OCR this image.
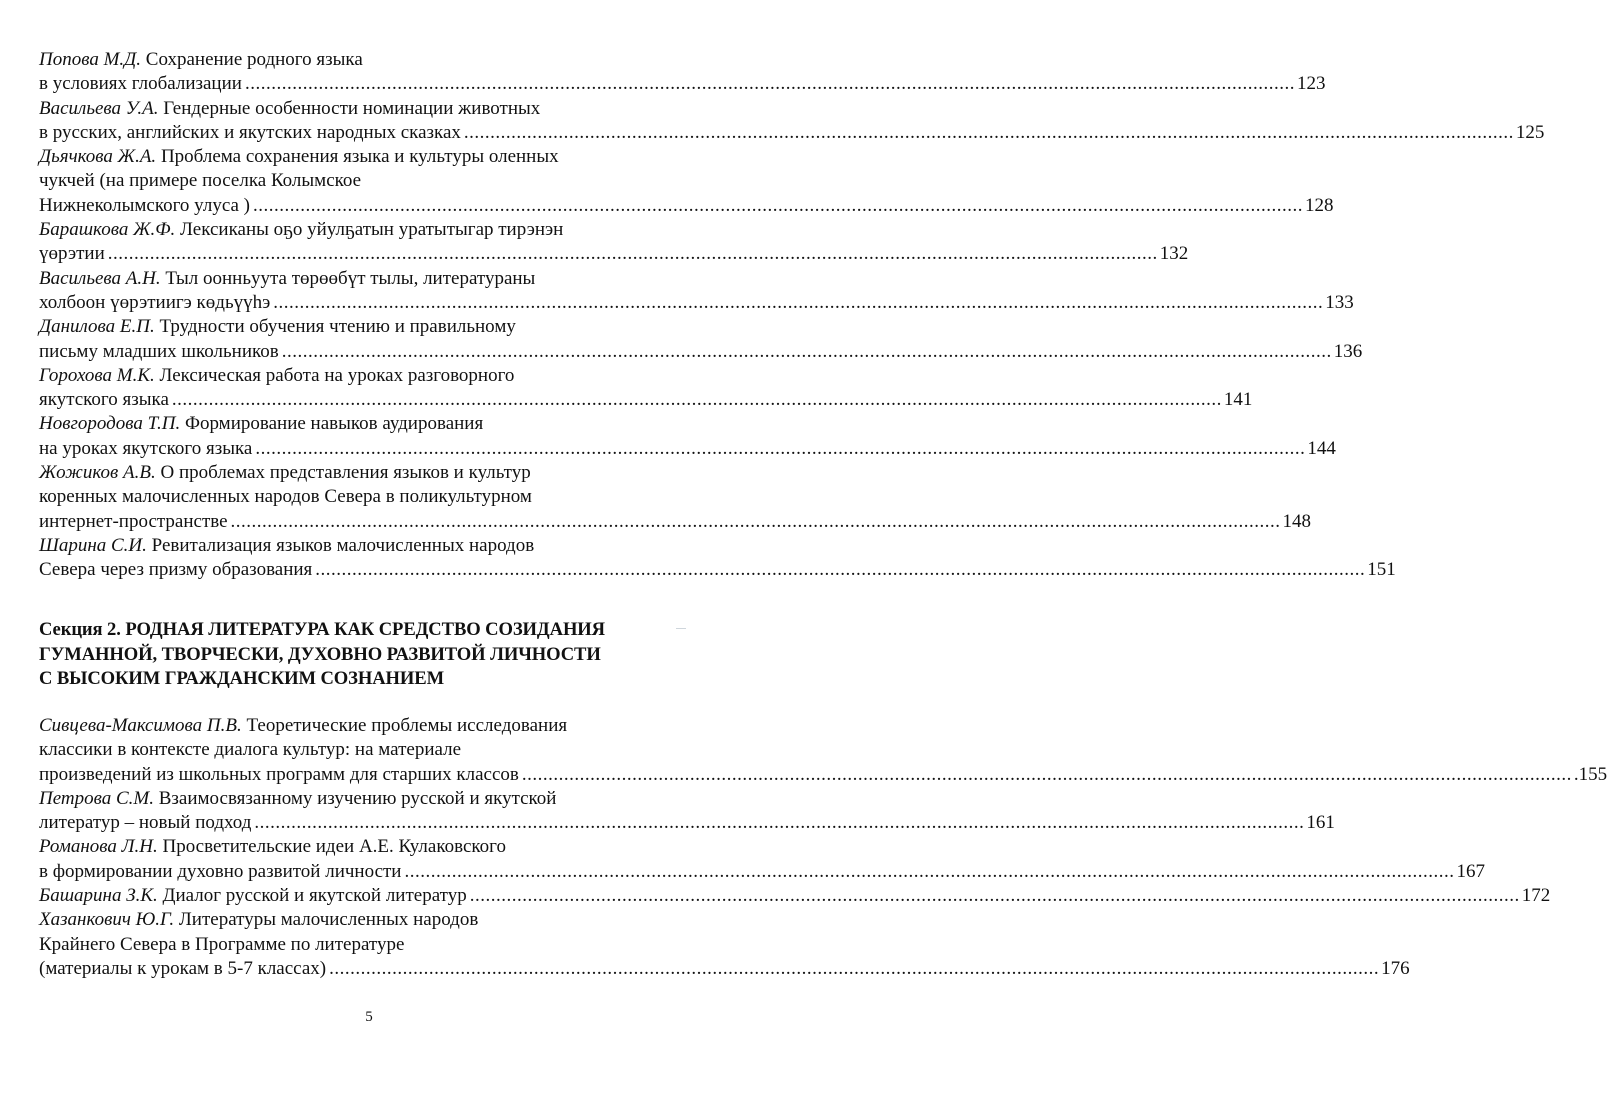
Попова М.Д. Сохранение родного языка
в условиях глобализации ........................................................................................................................................................................................................ 123
Васильева У.А. Гендерные особенности номинации животных
в русских, английских и якутских народных сказках ........................................................................................................................................................................................................ 125
Дьячкова Ж.А. Проблема сохранения языка и культуры оленных
чукчей (на примере поселка Колымское
Нижнеколымского улуса ) ........................................................................................................................................................................................................ 128
Барашкова Ж.Ф. Лексиканы оҕо уйулҕатын уратытыгар тирэнэн
үөрэтии ........................................................................................................................................................................................................ 132
Васильева А.Н. Тыл оонньуута төрөөбүт тылы, литератураны
холбоон үөрэтиигэ көдьүүһэ ........................................................................................................................................................................................................ 133
Данилова Е.П. Трудности обучения чтению и правильному
письму младших школьников ........................................................................................................................................................................................................ 136
Горохова М.К. Лексическая работа на уроках разговорного
якутского языка ........................................................................................................................................................................................................ 141
Новгородова Т.П. Формирование навыков аудирования
на уроках якутского языка ........................................................................................................................................................................................................ 144
Жожиков А.В. О проблемах представления языков и культур
коренных малочисленных народов Севера в поликультурном
интернет-пространстве ........................................................................................................................................................................................................ 148
Шарина С.И. Ревитализация языков малочисленных народов
Севера через призму образования ........................................................................................................................................................................................................ 151
Секция 2. РОДНАЯ ЛИТЕРАТУРА КАК СРЕДСТВО СОЗИДАНИЯ
ГУМАННОЙ, ТВОРЧЕСКИ, ДУХОВНО РАЗВИТОЙ ЛИЧНОСТИ
С ВЫСОКИМ ГРАЖДАНСКИМ СОЗНАНИЕМ
Сивцева-Максимова П.В. Теоретические проблемы исследования
классики в контексте диалога культур: на материале
произведений из школьных программ для старших классов ........................................................................................................................................................................................................ .155
Петрова С.М. Взаимосвязанному изучению русской и якутской
литератур – новый подход ........................................................................................................................................................................................................ 161
Романова Л.Н. Просветительские идеи А.Е. Кулаковского
в формировании духовно развитой личности ........................................................................................................................................................................................................ 167
Башарина З.К. Диалог русской и якутской литератур ........................................................................................................................................................................................................ 172
Хазанкович Ю.Г. Литературы малочисленных народов
Крайнего Севера в Программе по литературе
(материалы к урокам в 5-7 классах) ........................................................................................................................................................................................................ 176
5
